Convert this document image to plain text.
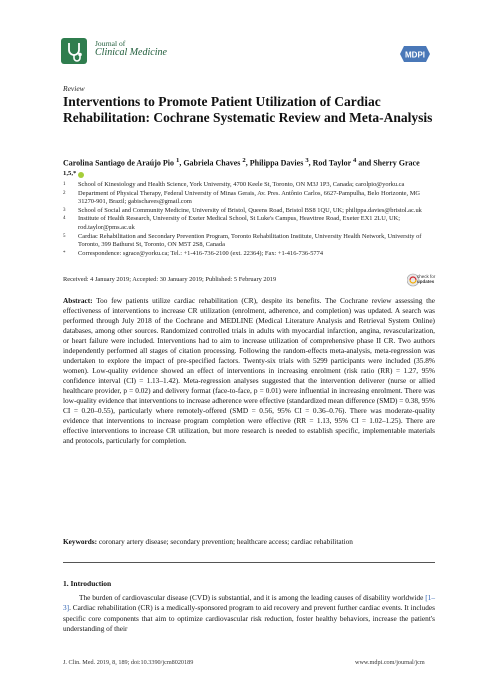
Journal of
Clinical Medicine	MDPI
Review
Interventions to Promote Patient Utilization of Cardiac Rehabilitation: Cochrane Systematic Review and Meta-Analysis
Carolina Santiago de Araújo Pio $^1$, Gabriela Chaves $^2$, Philippa Davies $^3$, Rod Taylor $^4$ and Sherry Grace $^{1,5,*}$
1	School of Kinesiology and Health Science, York University, 4700 Keele St, Toronto, ON M3J 1P3, Canada; carolpio@yorku.ca
2	Department of Physical Therapy, Federal University of Minas Gerais, Av. Pres. Antônio Carlos, 6627-Pampulha, Belo Horizonte, MG 31270-901, Brazil; gabischaves@gmail.com
3	School of Social and Community Medicine, University of Bristol, Queens Road, Bristol BS8 1QU, UK; philippa.davies@bristol.ac.uk
4	Institute of Health Research, University of Exeter Medical School, St Luke's Campus, Heavitree Road, Exeter EX1 2LU, UK; rod.taylor@pms.ac.uk
5	Cardiac Rehabilitation and Secondary Prevention Program, Toronto Rehabilitation Institute, University Health Network, University of Toronto, 399 Bathurst St, Toronto, ON M5T 2S8, Canada
*	Correspondence: sgrace@yorku.ca; Tel.: +1-416-736-2100 (ext. 22364); Fax: +1-416-736-5774
Received: 4 January 2019; Accepted: 30 January 2019; Published: 5 February 2019	check for
updates
Abstract: Too few patients utilize cardiac rehabilitation (CR), despite its benefits. The Cochrane review assessing the effectiveness of interventions to increase CR utilization (enrolment, adherence, and completion) was updated. A search was performed through July 2018 of the Cochrane and MEDLINE (Medical Literature Analysis and Retrieval System Online) databases, among other sources. Randomized controlled trials in adults with myocardial infarction, angina, revascularization, or heart failure were included. Interventions had to aim to increase utilization of comprehensive phase II CR. Two authors independently performed all stages of citation processing. Following the random-effects meta-analysis, meta-regression was undertaken to explore the impact of pre-specified factors. Twenty-six trials with 5299 participants were included (35.8% women). Low-quality evidence showed an effect of interventions in increasing enrolment (risk ratio (RR) = 1.27, 95% confidence interval (CI) = 1.13–1.42). Meta-regression analyses suggested that the intervention deliverer (nurse or allied healthcare provider, p = 0.02) and delivery format (face-to-face, p = 0.01) were influential in increasing enrolment. There was low-quality evidence that interventions to increase adherence were effective (standardized mean difference (SMD) = 0.38, 95% CI = 0.20–0.55), particularly where remotely-offered (SMD = 0.56, 95% CI = 0.36–0.76). There was moderate-quality evidence that interventions to increase program completion were effective (RR = 1.13, 95% CI = 1.02–1.25). There are effective interventions to increase CR utilization, but more research is needed to establish specific, implementable materials and protocols, particularly for completion.
Keywords: coronary artery disease; secondary prevention; healthcare access; cardiac rehabilitation
1. Introduction
The burden of cardiovascular disease (CVD) is substantial, and it is among the leading causes of disability worldwide [1–3]. Cardiac rehabilitation (CR) is a medically-sponsored program to aid recovery and prevent further cardiac events. It includes specific core components that aim to optimize cardiovascular risk reduction, foster healthy behaviors, increase the patient's understanding of their
J. Clin. Med. 2019, 8, 189; doi:10.3390/jcm8020189	www.mdpi.com/journal/jcm
